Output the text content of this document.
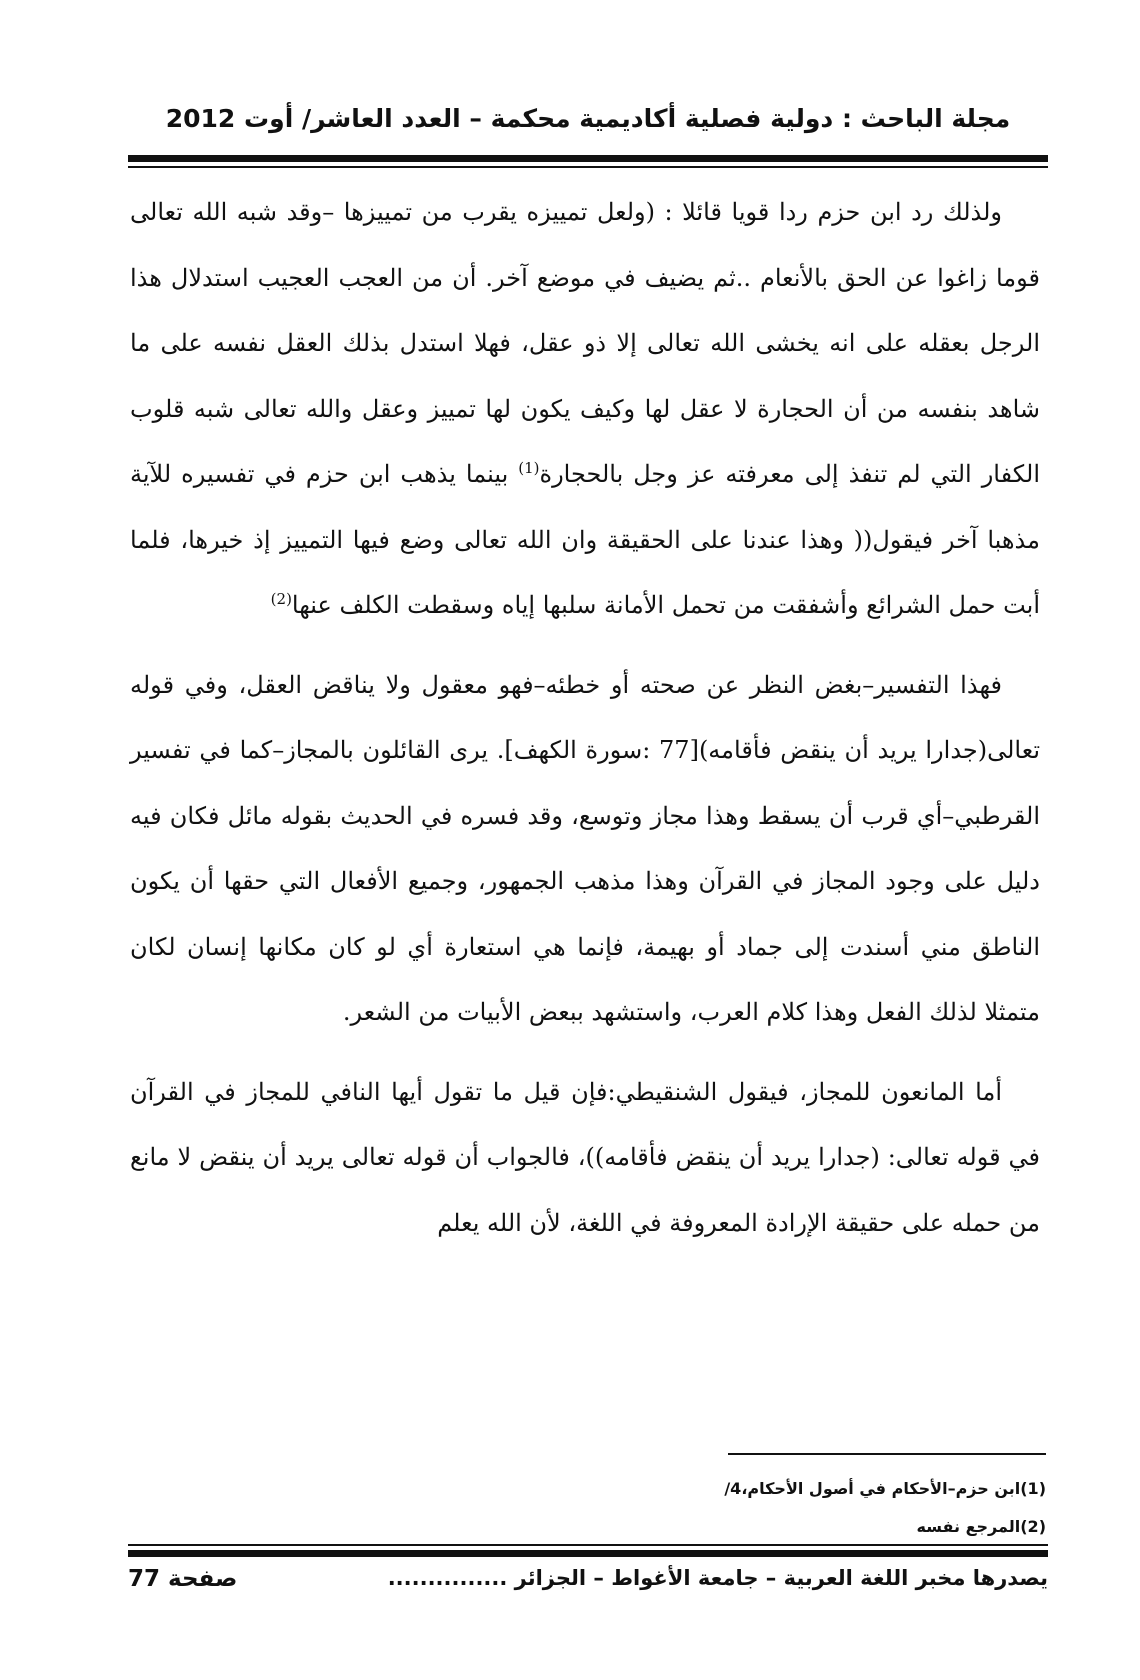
مجلة الباحث : دولية فصلية أكاديمية محكمة – العدد العاشر/ أوت 2012

ولذلك رد ابن حزم ردا قويا قائلا : (ولعل تمييزه يقرب من تمييزها –وقد شبه الله تعالى قوما زاغوا عن الحق بالأنعام ..ثم يضيف في موضع آخر. أن من العجب العجيب استدلال هذا الرجل بعقله على انه يخشى الله تعالى إلا ذو عقل، فهلا استدل بذلك العقل نفسه على ما شاهد بنفسه من أن الحجارة لا عقل لها وكيف يكون لها تمييز وعقل والله تعالى شبه قلوب الكفار التي لم تنفذ إلى معرفته عز وجل بالحجارة$^{(1)}$ بينما يذهب ابن حزم في تفسيره للآية مذهبا آخر فيقول(( وهذا عندنا على الحقيقة وان الله تعالى وضع فيها التمييز إذ خيرها، فلما أبت حمل الشرائع وأشفقت من تحمل الأمانة سلبها إياه وسقطت الكلف عنها$^{(2)}$

فهذا التفسير–بغض النظر عن صحته أو خطئه–فهو معقول ولا يناقض العقل، وفي قوله تعالى(جدارا يريد أن ينقض فأقامه)[77 :سورة الكهف]. يرى القائلون بالمجاز–كما في تفسير القرطبي–أي قرب أن يسقط وهذا مجاز وتوسع، وقد فسره في الحديث بقوله مائل فكان فيه دليل على وجود المجاز في القرآن وهذا مذهب الجمهور، وجميع الأفعال التي حقها أن يكون الناطق مني أسندت إلى جماد أو بهيمة، فإنما هي استعارة أي لو كان مكانها إنسان لكان متمثلا لذلك الفعل وهذا كلام العرب، واستشهد ببعض الأبيات من الشعر.

أما المانعون للمجاز، فيقول الشنقيطي:فإن قيل ما تقول أيها النافي للمجاز في القرآن في قوله تعالى: (جدارا يريد أن ينقض فأقامه))، فالجواب أن قوله تعالى يريد أن ينقض لا مانع من حمله على حقيقة الإرادة المعروفة في اللغة، لأن الله يعلم

(1)ابن حزم–الأحكام في أصول الأحكام،4/

(2)المرجع نفسه

يصدرها مخبر اللغة العربية – جامعة الأغواط – الجزائر ...............
صفحة 77
